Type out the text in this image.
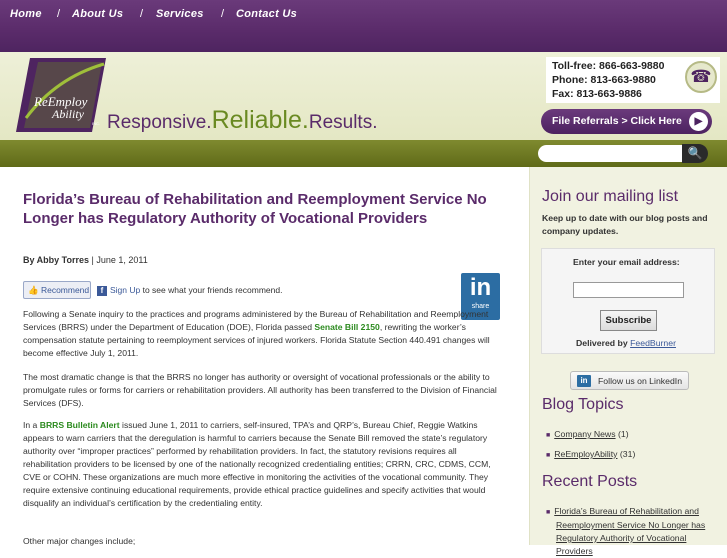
ReEmploy
Ability
INC. Responsive.Reliable.Results.
Toll-free: 866-663-9880
Phone: 813-663-9880
Fax: 813-663-9886
☎
File Referrals > Click Here	▶
Home / About Us / Services / Contact Us
🔍
Florida’s Bureau of Rehabilitation and Reemployment Service No Longer has Regulatory Authority of Vocational Providers
By Abby Torres | June 1, 2011
👍 Recommend	f Sign Up to see what your friends recommend.	in
share
Following a Senate inquiry to the practices and programs administered by the Bureau of Rehabilitation and Reemployment Services (BRRS) under the Department of Education (DOE), Florida passed Senate Bill 2150, rewriting the worker’s compensation statute pertaining to reemployment services of injured workers. Florida Statute Section 440.491 changes will become effective July 1, 2011.
The most dramatic change is that the BRRS no longer has authority or oversight of vocational professionals or the ability to promulgate rules or forms for carriers or rehabilitation providers. All authority has been transferred to the Division of Financial Services (DFS).
In a BRRS Bulletin Alert issued June 1, 2011 to carriers, self-insured, TPA’s and QRP’s, Bureau Chief, Reggie Watkins appears to warn carriers that the deregulation is harmful to carriers because the Senate Bill removed the state’s regulatory authority over “improper practices” performed by rehabilitation providers. In fact, the statutory revisions requires all rehabilitation providers to be licensed by one of the nationally recognized credentialing entities; CRRN, CRC, CDMS, CCM, CVE or COHN. These organizations are much more effective in monitoring the activities of the vocational community. They require extensive continuing educational requirements, provide ethical practice guidelines and specify activities that would disqualify an individual’s certification by the credentialing entity.
Other major changes include;
Join our mailing list
Keep up to date with our blog posts and company updates.
Enter your email address:
Subscribe
Delivered by FeedBurner
in	Follow us on LinkedIn
Blog Topics
■ Company News (1)
■ ReEmployAbility (31)
Recent Posts
■ Florida’s Bureau of Rehabilitation and Reemployment Service No Longer has Regulatory Authority of Vocational Providers
